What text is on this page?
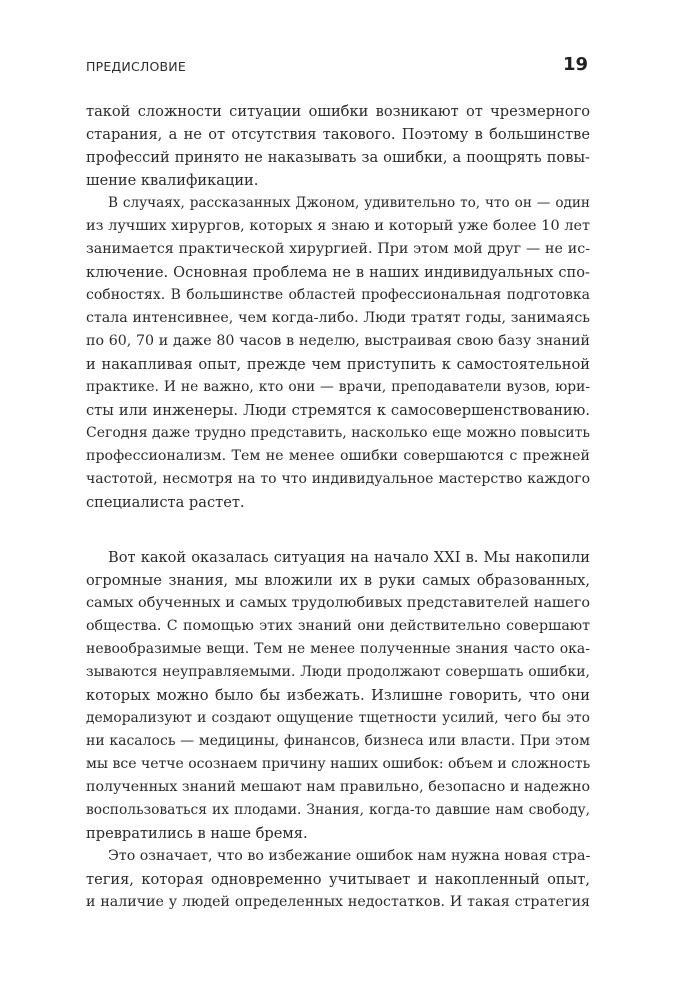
ПРЕДИСЛОВИЕ	19

такой сложности ситуации ошибки возникают от чрезмерного
старания, а не от отсутствия такового. Поэтому в большинстве
профессий принято не наказывать за ошибки, а поощрять повы-
шение квалификации.

В случаях, рассказанных Джоном, удивительно то, что он — один
из лучших хирургов, которых я знаю и который уже более 10 лет
занимается практической хирургией. При этом мой друг — не ис-
ключение. Основная проблема не в наших индивидуальных спо-
собностях. В большинстве областей профессиональная подготовка
стала интенсивнее, чем когда-либо. Люди тратят годы, занимаясь
по 60, 70 и даже 80 часов в неделю, выстраивая свою базу знаний
и накапливая опыт, прежде чем приступить к самостоятельной
практике. И не важно, кто они — врачи, преподаватели вузов, юри-
сты или инженеры. Люди стремятся к самосовершенствованию.
Сегодня даже трудно представить, насколько еще можно повысить
профессионализм. Тем не менее ошибки совершаются с прежней
частотой, несмотря на то что индивидуальное мастерство каждого
специалиста растет.

Вот какой оказалась ситуация на начало XXI в. Мы накопили
огромные знания, мы вложили их в руки самых образованных,
самых обученных и самых трудолюбивых представителей нашего
общества. С помощью этих знаний они действительно совершают
невообразимые вещи. Тем не менее полученные знания часто ока-
зываются неуправляемыми. Люди продолжают совершать ошибки,
которых можно было бы избежать. Излишне говорить, что они
деморализуют и создают ощущение тщетности усилий, чего бы это
ни касалось — медицины, финансов, бизнеса или власти. При этом
мы все четче осознаем причину наших ошибок: объем и сложность
полученных знаний мешают нам правильно, безопасно и надежно
воспользоваться их плодами. Знания, когда-то давшие нам свободу,
превратились в наше бремя.

Это означает, что во избежание ошибок нам нужна новая стра-
тегия, которая одновременно учитывает и накопленный опыт,
и наличие у людей определенных недостатков. И такая стратегия
